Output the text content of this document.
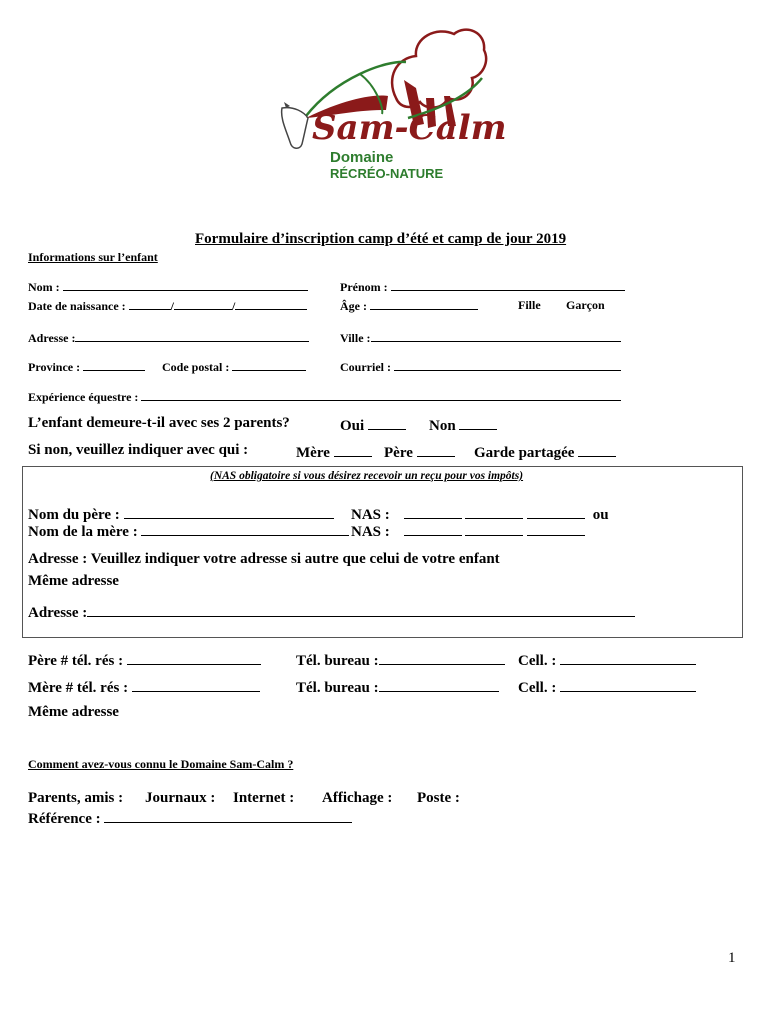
Sam-Calm
Domaine
RÉCRÉO-NATURE
Formulaire d’inscription camp d’été et camp de jour 2019
Informations sur l’enfant
Nom :	Prénom :
Date de naissance :	/	/	Âge :	Fille Garçon
Adresse :	Ville :
Province :	Code postal :	Courriel :
Expérience équestre :
L’enfant demeure-t-il avec ses 2 parents?	Oui	Non
Si non, veuillez indiquer avec qui :	Mère	Père	Garde partagée
(NAS obligatoire si vous désirez recevoir un reçu pour vos impôts)
Nom du père :	NAS :	ou
Nom de la mère :	NAS :
Adresse : Veuillez indiquer votre adresse si autre que celui de votre enfant
Même adresse
Adresse :
Père # tél. rés :	Tél. bureau :	Cell. :
Mère # tél. rés :	Tél. bureau :	Cell. :
Même adresse
Comment avez-vous connu le Domaine Sam-Calm ?
Parents, amis : Journaux : Internet : Affichage : Poste :
Référence :
1
